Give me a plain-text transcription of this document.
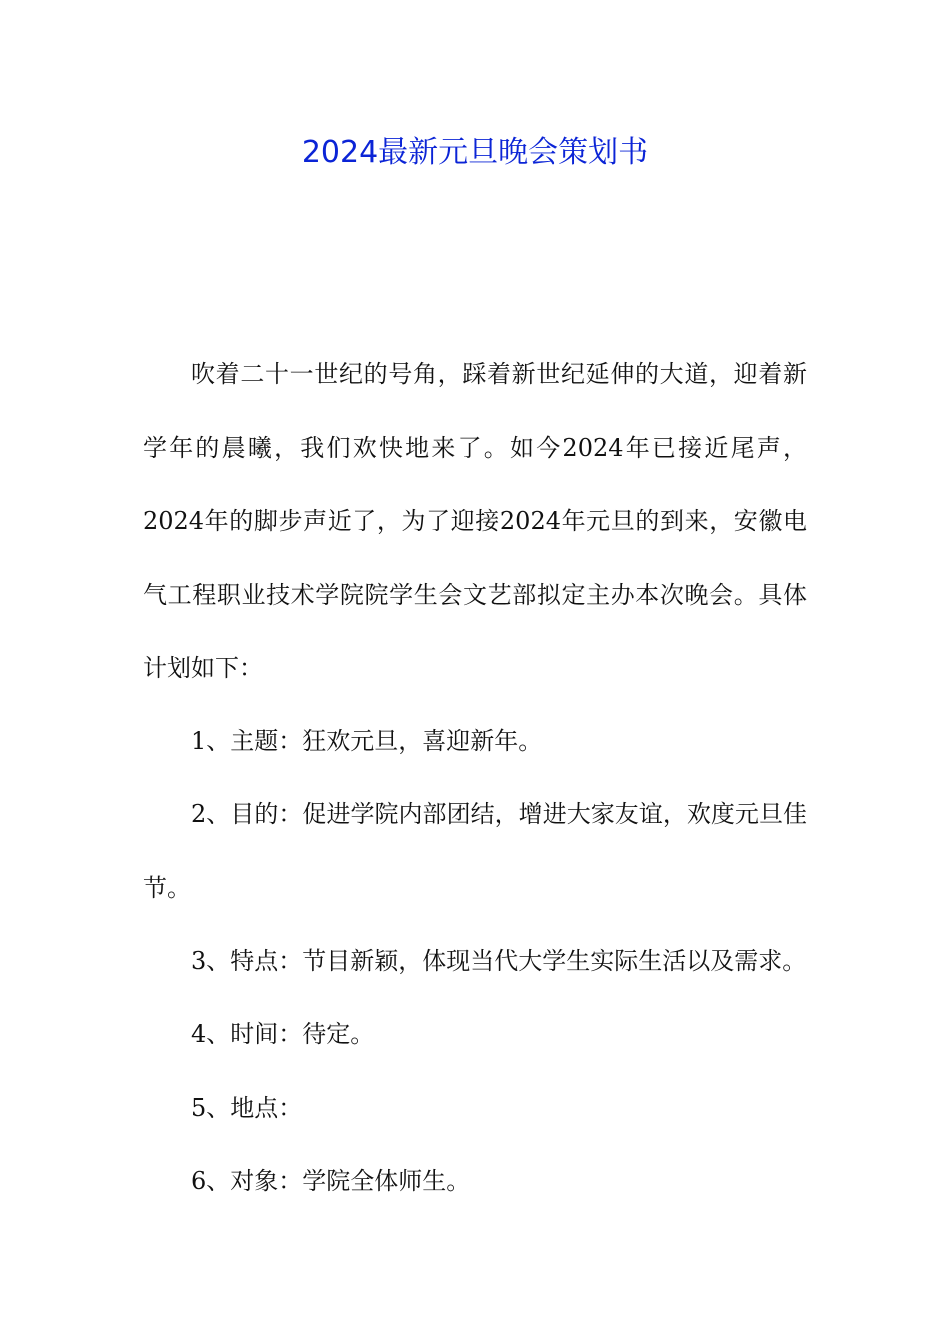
2024最新元旦晚会策划书

吹着二十一世纪的号角，踩着新世纪延伸的大道，迎着新学年的晨曦，我们欢快地来了。如今2024年已接近尾声，2024年的脚步声近了，为了迎接2024年元旦的到来，安徽电气工程职业技术学院院学生会文艺部拟定主办本次晚会。具体计划如下：

1、主题：狂欢元旦，喜迎新年。

2、目的：促进学院内部团结，增进大家友谊，欢度元旦佳节。

3、特点：节目新颖，体现当代大学生实际生活以及需求。

4、时间：待定。

5、地点：

6、对象：学院全体师生。
